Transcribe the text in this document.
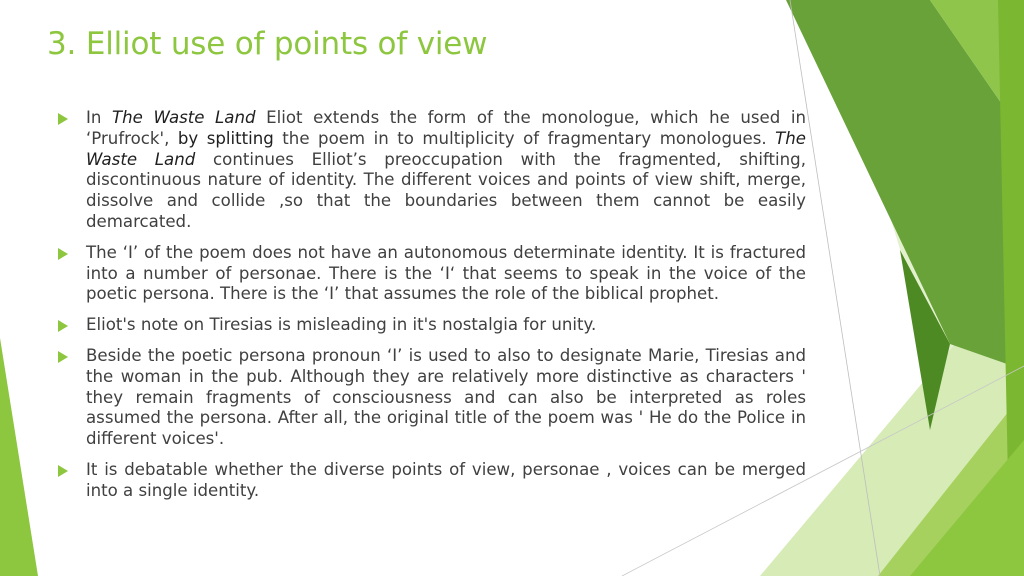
3. Elliot use of points of view
In The Waste Land Eliot extends the form of the monologue, which he used in ‘Prufrock', by splitting the poem in to multiplicity of fragmentary monologues. The Waste Land continues Elliot’s preoccupation with the fragmented, shifting, discontinuous nature of identity. The different voices and points of view shift, merge, dissolve and collide ,so that the boundaries between them cannot be easily demarcated.
The ‘I’ of the poem does not have an autonomous determinate identity. It is fractured into a number of personae. There is the ‘I‘ that seems to speak in the voice of the poetic persona. There is the ‘I’ that assumes the role of the biblical prophet.
Eliot's note on Tiresias is misleading in it's nostalgia for unity.
Beside the poetic persona pronoun ‘I’ is used to also to designate Marie, Tiresias and the woman in the pub. Although they are relatively more distinctive as characters ' they remain fragments of consciousness and can also be interpreted as roles assumed the persona. After all, the original title of the poem was ' He do the Police in different voices'.
It is debatable whether the diverse points of view, personae , voices can be merged into a single identity.
